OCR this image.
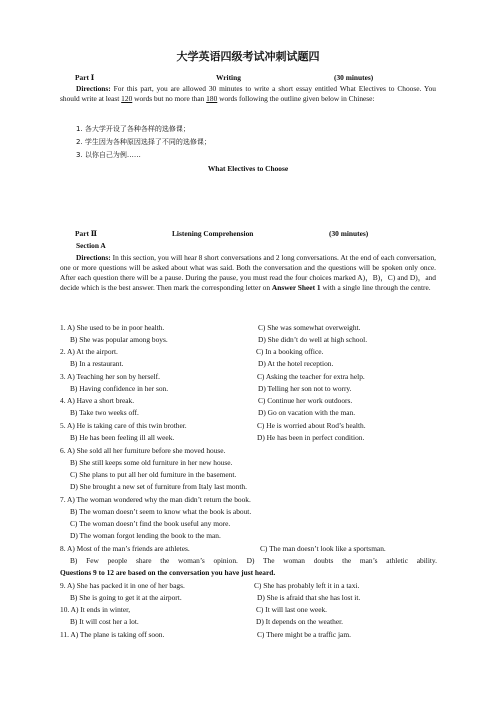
大学英语四级考试冲刺试题四
Part Ⅰ	Writing	(30 minutes)
Directions: For this part, you are allowed 30 minutes to write a short essay entitled What Electives to Choose. You should write at least 120 words but no more than 180 words following the outline given below in Chinese:
1. 各大学开设了各种各样的选修课；
2. 学生因为各种原因选择了不同的选修课；
3. 以你自己为例……
What Electives to Choose
Part Ⅱ	Listening Comprehension	(30 minutes)
Section A
Directions: In this section, you will hear 8 short conversations and 2 long conversations. At the end of each conversation, one or more questions will be asked about what was said. Both the conversation and the questions will be spoken only once. After each question there will be a pause. During the pause, you must read the four choices marked A)，B)，C) and D)，and decide which is the best answer. Then mark the corresponding letter on Answer Sheet 1 with a single line through the centre.
1. A) She used to be in poor health.	C) She was somewhat overweight.
B) She was popular among boys.	D) She didn’t do well at high school.
2. A) At the airport.	C) In a booking office.
B) In a restaurant.	D) At the hotel reception.
3. A) Teaching her son by herself.	C) Asking the teacher for extra help.
B) Having confidence in her son.	D) Telling her son not to worry.
4. A) Have a short break.	C) Continue her work outdoors.
B) Take two weeks off.	D) Go on vacation with the man.
5. A) He is taking care of this twin brother.	C) He is worried about Rod’s health.
B) He has been feeling ill all week.	D) He has been in perfect condition.
6. A) She sold all her furniture before she moved house.
B) She still keeps some old furniture in her new house.
C) She plans to put all her old furniture in the basement.
D) She brought a new set of furniture from Italy last month.
7. A) The woman wondered why the man didn’t return the book.
B) The woman doesn’t seem to know what the book is about.
C) The woman doesn’t find the book useful any more.
D) The woman forgot lending the book to the man.
8. A) Most of the man’s friends are athletes.	C) The man doesn’t look like a sportsman.
B) Few people share the woman’s opinion. D) The woman doubts the man’s athletic ability.
Questions 9 to 12 are based on the conversation you have just heard.
9. A) She has packed it in one of her bags.	C) She has probably left it in a taxi.
B) She is going to get it at the airport.	D) She is afraid that she has lost it.
10. A) It ends in winter,	C) It will last one week.
B) It will cost her a lot.	D) It depends on the weather.
11. A) The plane is taking off soon.	C) There might be a traffic jam.
